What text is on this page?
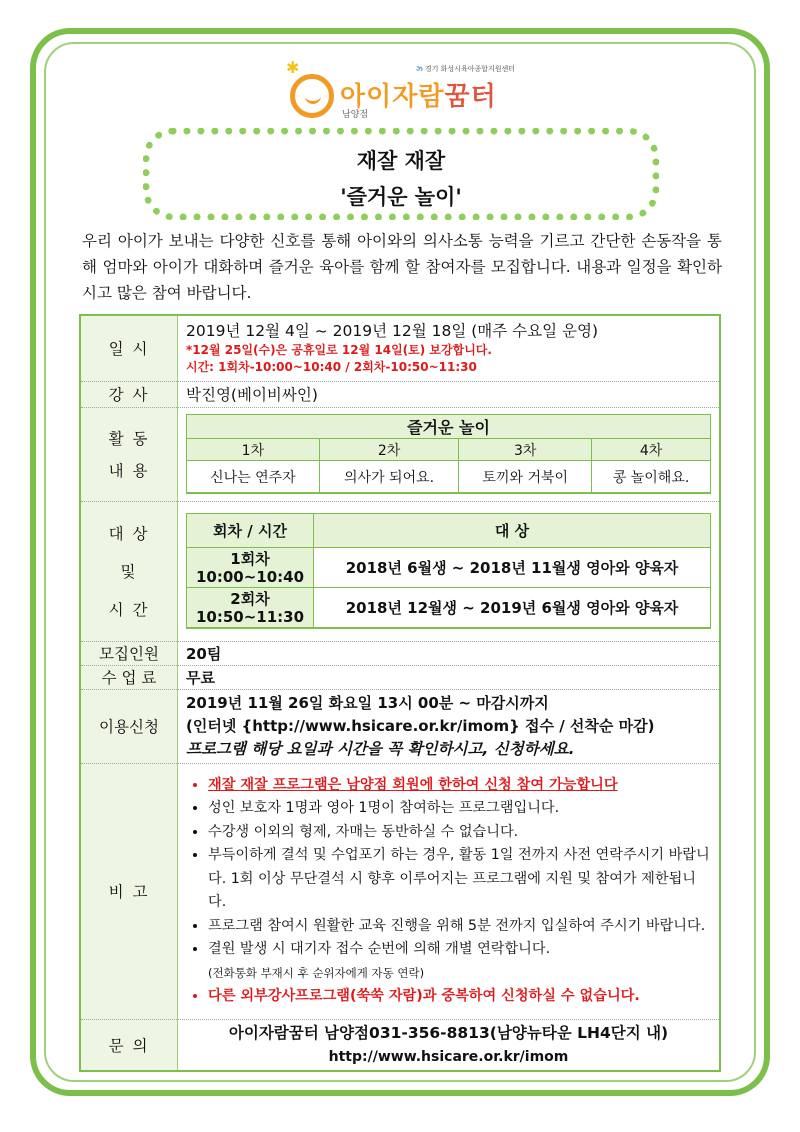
✱
아이자람꿈터
남양점
ઝ 경기 화성시육아종합지원센터
재잘 재잘
'즐거운 놀이'
우리 아이가 보내는 다양한 신호를 통해 아이와의 의사소통 능력을 기르고 간단한 손동작을 통해 엄마와 아이가 대화하며 즐거운 육아를 함께 할 참여자를 모집합니다. 내용과 일정을 확인하시고 많은 참여 바랍니다.
일 시	
2019년 12월 4일 ~ 2019년 12월 18일 (매주 수요일 운영)
*12월 25일(수)은 공휴일로 12월 14일(토) 보강합니다.
시간: 1회차-10:00~10:40 / 2회차-10:50~11:30

강 사	박진영(베이비싸인)

활 동
내 용

즐거운 놀이
1차	2차	3차	4차
신나는 연주자	의사가 되어요.	토끼와 거북이	콩 놀이해요.

대 상
및
시 간

회차 / 시간	대 상

1회차
10:00~10:40	2018년 6월생 ~ 2018년 11월생 영아와 양육자

2회차
10:50~11:30	2018년 12월생 ~ 2019년 6월생 영아와 양육자

모집인원	20팀
수 업 료	무료
이용신청	
2019년 11월 26일 화요일 13시 00분 ~ 마감시까지
(인터넷 {http://www.hsicare.or.kr/imom} 접수 / 선착순 마감)
프로그램 해당 요일과 시간을 꼭 확인하시고, 신청하세요.

비 고	
• 재잘 재잘 프로그램은 남양점 회원에 한하여 신청 참여 가능합니다
• 성인 보호자 1명과 영아 1명이 참여하는 프로그램입니다.
• 수강생 이외의 형제, 자매는 동반하실 수 없습니다.
• 부득이하게 결석 및 수업포기 하는 경우, 활동 1일 전까지 사전 연락주시기 바랍니다. 1회 이상 무단결석 시 향후 이루어지는 프로그램에 지원 및 참여가 제한됩니다.
• 프로그램 참여시 원활한 교육 진행을 위해 5분 전까지 입실하여 주시기 바랍니다.
• 결원 발생 시 대기자 접수 순번에 의해 개별 연락합니다.
(전화통화 부재시 후 순위자에게 자동 연락)
• 다른 외부강사프로그램(쑥쑥 자람)과 중복하여 신청하실 수 없습니다.

문 의	
아이자람꿈터 남양점031-356-8813(남양뉴타운 LH4단지 내)
http://www.hsicare.or.kr/imom
